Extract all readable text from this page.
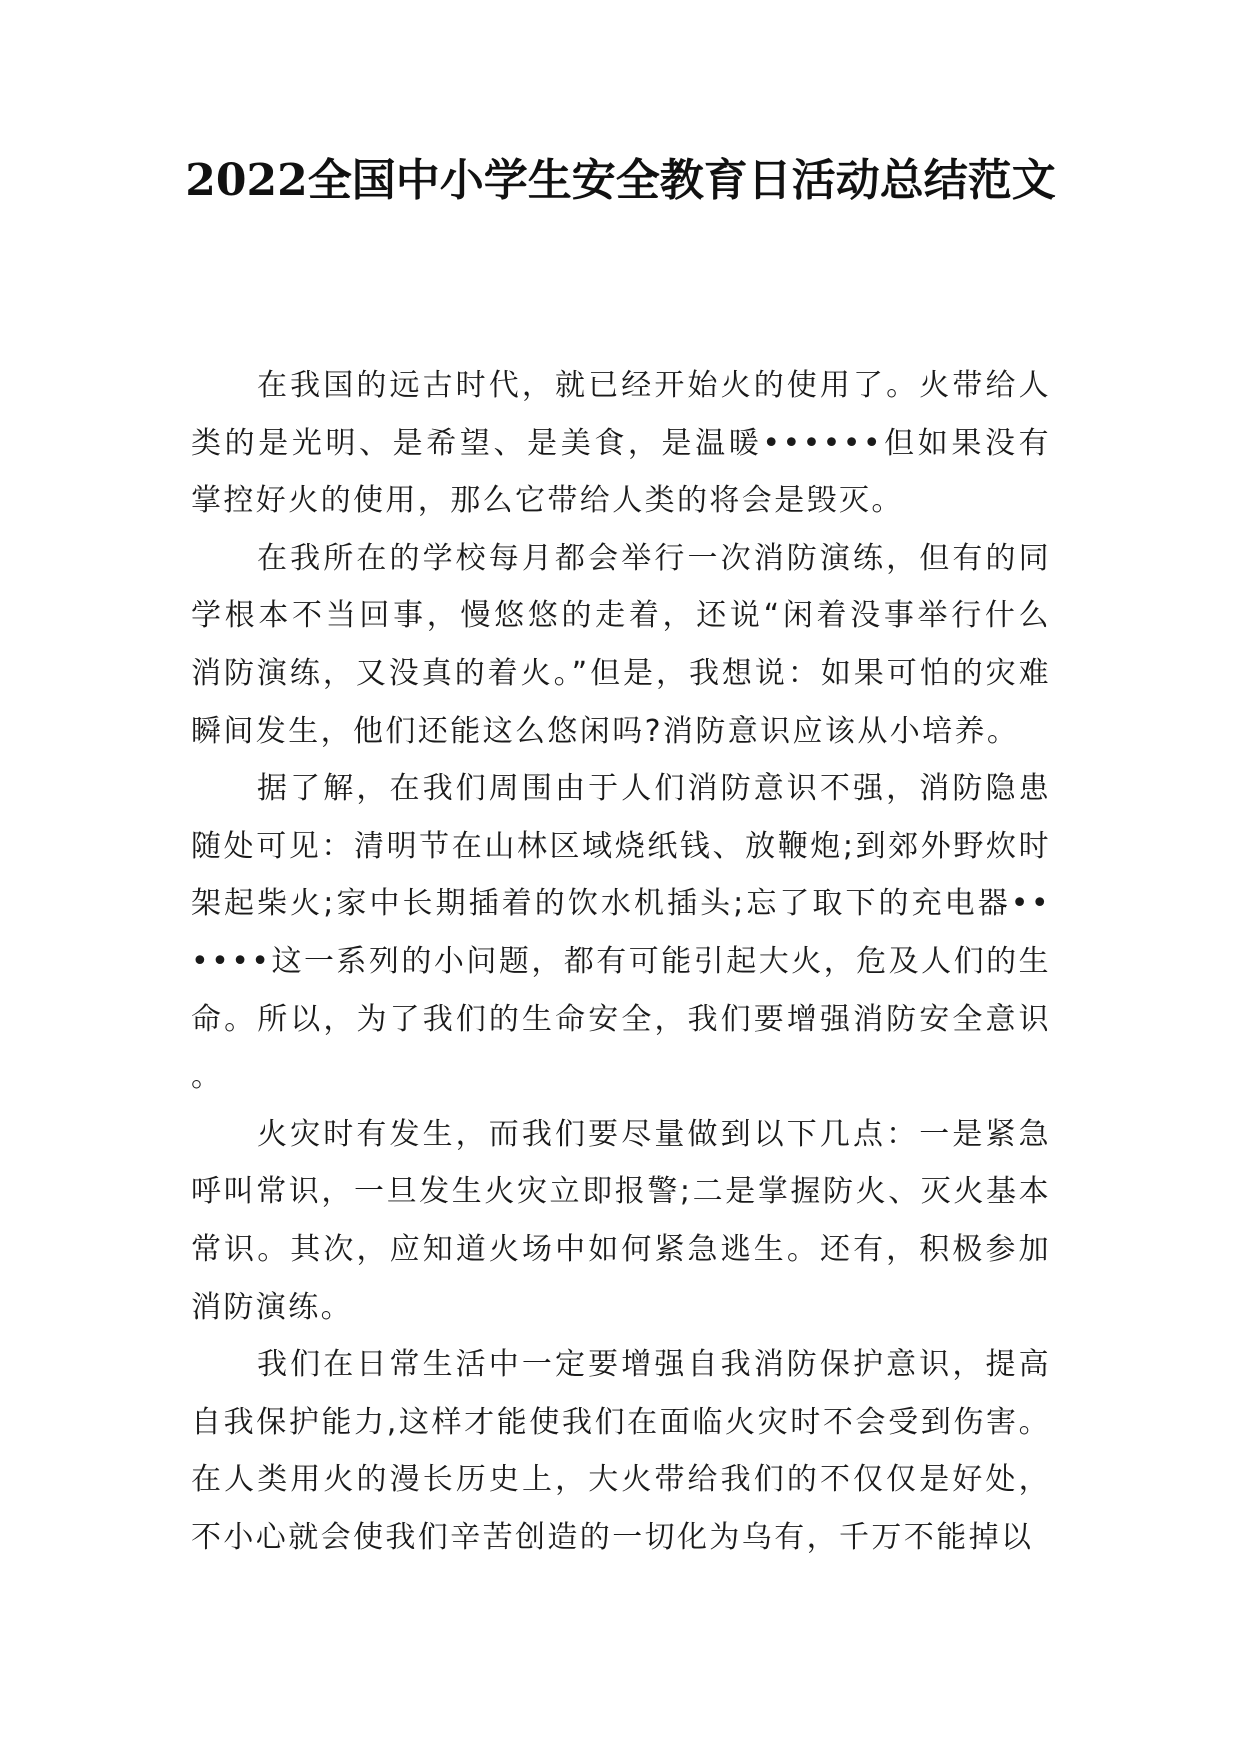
2022全国中小学生安全教育日活动总结范文

在我国的远古时代，就已经开始火的使用了。火带给人类的是光明、是希望、是美食，是温暖••••••但如果没有掌控好火的使用，那么它带给人类的将会是毁灭。

在我所在的学校每月都会举行一次消防演练，但有的同学根本不当回事，慢悠悠的走着，还说“闲着没事举行什么消防演练，又没真的着火。”但是，我想说：如果可怕的灾难瞬间发生，他们还能这么悠闲吗?消防意识应该从小培养。

据了解，在我们周围由于人们消防意识不强，消防隐患随处可见：清明节在山林区域烧纸钱、放鞭炮;到郊外野炊时架起柴火;家中长期插着的饮水机插头;忘了取下的充电器••••••这一系列的小问题，都有可能引起大火，危及人们的生命。所以，为了我们的生命安全，我们要增强消防安全意识。

火灾时有发生，而我们要尽量做到以下几点：一是紧急呼叫常识，一旦发生火灾立即报警;二是掌握防火、灭火基本常识。其次，应知道火场中如何紧急逃生。还有，积极参加消防演练。

我们在日常生活中一定要增强自我消防保护意识，提高自我保护能力,这样才能使我们在面临火灾时不会受到伤害。在人类用火的漫长历史上，大火带给我们的不仅仅是好处，不小心就会使我们辛苦创造的一切化为乌有，千万不能掉以
